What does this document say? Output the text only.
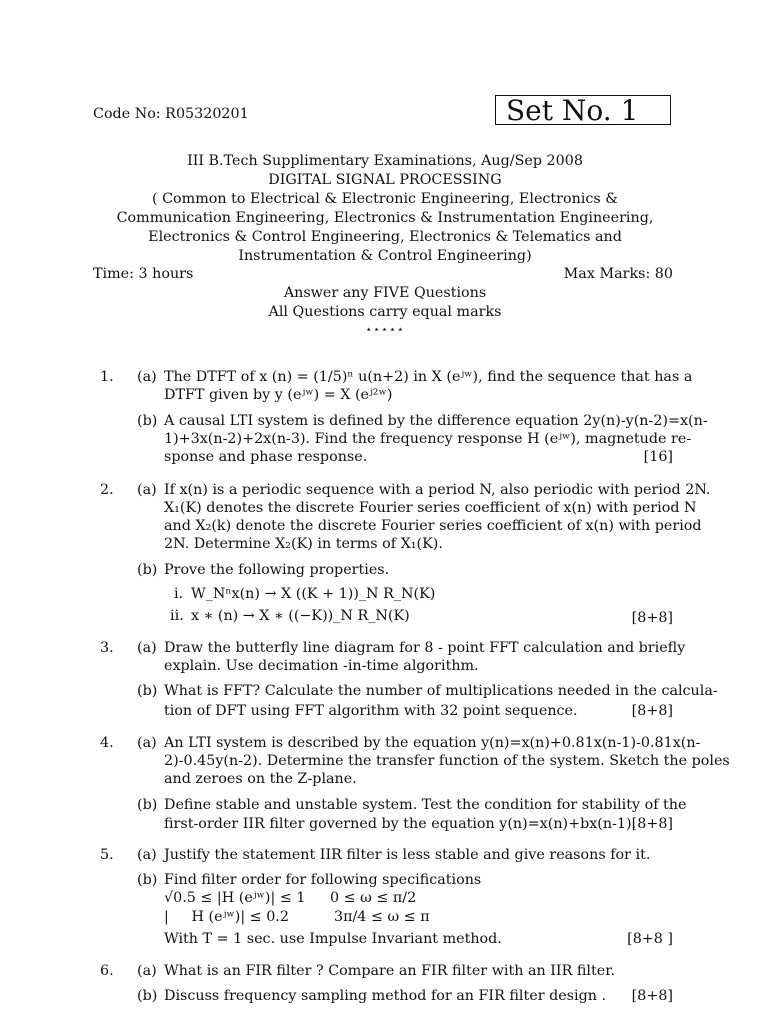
Code No: R05320201	Set No. 1
III B.Tech Supplimentary Examinations, Aug/Sep 2008
DIGITAL SIGNAL PROCESSING
( Common to Electrical & Electronic Engineering, Electronics &
Communication Engineering, Electronics & Instrumentation Engineering,
Electronics & Control Engineering, Electronics & Telematics and
Instrumentation & Control Engineering)
Time: 3 hours	Max Marks: 80
Answer any FIVE Questions
All Questions carry equal marks
⋆⋆⋆⋆⋆
1. (a) The DTFT of x (n) = (1/5)ⁿ u(n+2) in X (eʲʷ), find the sequence that has a
DTFT given by y (eʲʷ) = X (eʲ²ʷ)
(b) A causal LTI system is defined by the difference equation 2y(n)-y(n-2)=x(n-
1)+3x(n-2)+2x(n-3). Find the frequency response H (eʲʷ), magnetude re-
sponse and phase response.	[16]
2. (a) If x(n) is a periodic sequence with a period N, also periodic with period 2N.
X₁(K) denotes the discrete Fourier series coefficient of x(n) with period N
and X₂(k) denote the discrete Fourier series coefficient of x(n) with period
2N. Determine X₂(K) in terms of X₁(K).
(b) Prove the following properties.
i. W_Nⁿx(n) → X ((K + 1))_N R_N(K)
ii. x ∗ (n) → X ∗ ((−K))_N R_N(K)	[8+8]
3. (a) Draw the butterfly line diagram for 8 - point FFT calculation and briefly
explain. Use decimation -in-time algorithm.
(b) What is FFT? Calculate the number of multiplications needed in the calcula-
tion of DFT using FFT algorithm with 32 point sequence.	[8+8]
4. (a) An LTI system is described by the equation y(n)=x(n)+0.81x(n-1)-0.81x(n-
2)-0.45y(n-2). Determine the transfer function of the system. Sketch the poles
and zeroes on the Z-plane.
(b) Define stable and unstable system. Test the condition for stability of the
first-order IIR filter governed by the equation y(n)=x(n)+bx(n-1).
[8+8]
5. (a) Justify the statement IIR filter is less stable and give reasons for it.
(b) Find filter order for following specifications
√0.5 ≤ |H (eʲʷ)| ≤ 1 0 ≤ ω ≤ π/2
|     H (eʲʷ)| ≤ 0.2	3π/4 ≤ ω ≤ π
With T = 1 sec. use Impulse Invariant method.	[8+8 ]
6. (a) What is an FIR filter ? Compare an FIR filter with an IIR filter.
(b) Discuss frequency sampling method for an FIR filter design . [8+8]
